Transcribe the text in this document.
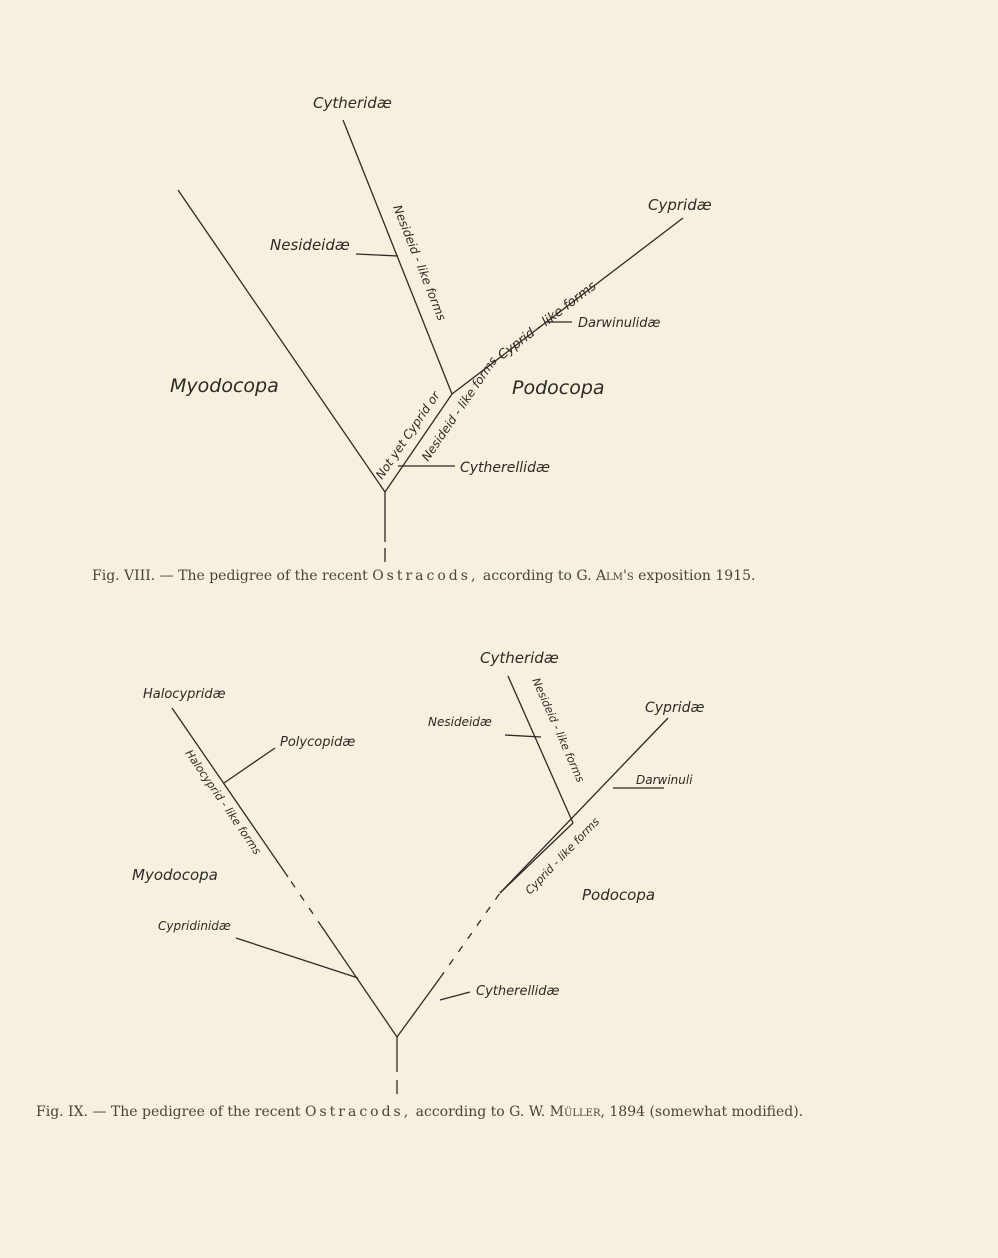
Cytheridæ
Nesideidæ
Cypridæ
Darwinulidæ
Myodocopa	Podocopa
Cytherellidæ
Nesideid - like forms	Cyprid - like forms
Not yet Cyprid or
Nesideid - like forms
Halocypridæ
Polycopidæ
Myodocopa
Cypridinidæ
Cytheridæ
Nesideidæ
Cypridæ
Darwinuli
Podocopa
Cytherellidæ
Halocyprid - like forms
Nesideid - like forms
Cyprid - like forms
Fig. VIII. — The pedigree of the recent Ostracods, according to G. Alm's exposition 1915.
Fig. IX. — The pedigree of the recent Ostracods, according to G. W. Müller, 1894 (somewhat modified).
